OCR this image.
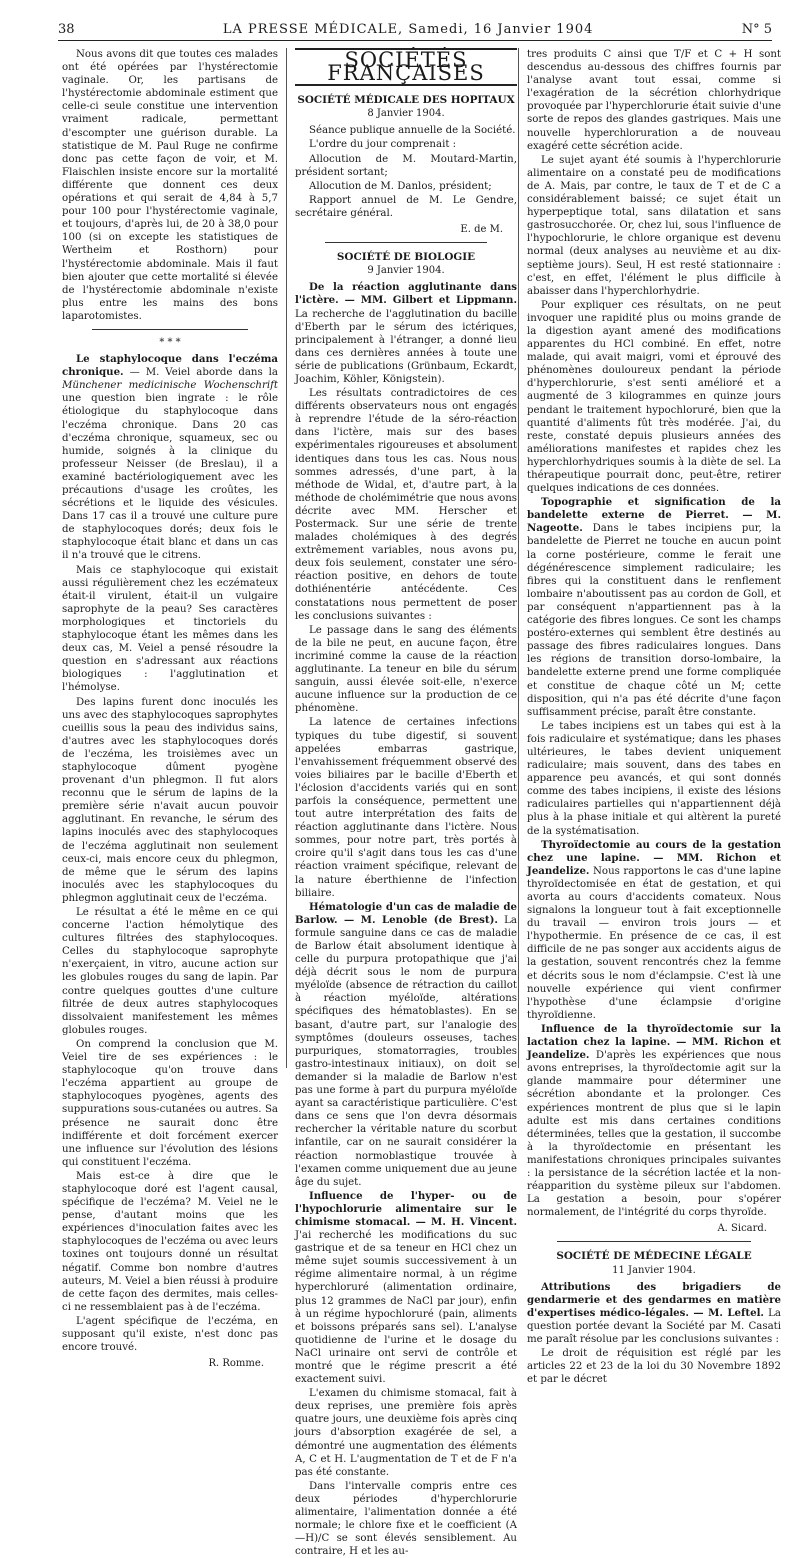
38	LA PRESSE MÉDICALE, Samedi, 16 Janvier 1904	N° 5

Nous avons dit que toutes ces malades ont été opérées par l'hystérectomie vaginale. Or, les partisans de l'hystérectomie abdominale estiment que celle-ci seule constitue une intervention vraiment radicale, permettant d'escompter une guérison durable. La statistique de M. Paul Ruge ne confirme donc pas cette façon de voir, et M. Flaischlen insiste encore sur la mortalité différente que donnent ces deux opérations et qui serait de 4,84 à 5,7 pour 100 pour l'hystérectomie vaginale, et toujours, d'après lui, de 20 à 38,0 pour 100 (si on excepte les statistiques de Wertheim et Rosthorn) pour l'hystérectomie abdominale. Mais il faut bien ajouter que cette mortalité si élevée de l'hystérectomie abdominale n'existe plus entre les mains des bons laparotomistes.

* * *

Le staphylocoque dans l'eczéma chronique. — M. Veiel aborde dans la Münchener medicinische Wochenschrift une question bien ingrate : le rôle étiologique du staphylocoque dans l'eczéma chronique. Dans 20 cas d'eczéma chronique, squameux, sec ou humide, soignés à la clinique du professeur Neisser (de Breslau), il a examiné bactériologiquement avec les précautions d'usage les croûtes, les sécrétions et le liquide des vésicules. Dans 17 cas il a trouvé une culture pure de staphylocoques dorés; deux fois le staphylocoque était blanc et dans un cas il n'a trouvé que le citrens.

Mais ce staphylocoque qui existait aussi régulièrement chez les eczémateux était-il virulent, était-il un vulgaire saprophyte de la peau? Ses caractères morphologiques et tinctoriels du staphylocoque étant les mêmes dans les deux cas, M. Veiel a pensé résoudre la question en s'adressant aux réactions biologiques : l'agglutination et l'hémolyse.

Des lapins furent donc inoculés les uns avec des staphylocoques saprophytes cueillis sous la peau des individus sains, d'autres avec les staphylocoques dorés de l'eczéma, les troisièmes avec un staphylocoque dûment pyogène provenant d'un phlegmon. Il fut alors reconnu que le sérum de lapins de la première série n'avait aucun pouvoir agglutinant. En revanche, le sérum des lapins inoculés avec des staphylocoques de l'eczéma agglutinait non seulement ceux-ci, mais encore ceux du phlegmon, de même que le sérum des lapins inoculés avec les staphylocoques du phlegmon agglutinait ceux de l'eczéma.

Le résultat a été le même en ce qui concerne l'action hémolytique des cultures filtrées des staphylocoques. Celles du staphylocoque saprophyte n'exerçaient, in vitro, aucune action sur les globules rouges du sang de lapin. Par contre quelques gouttes d'une culture filtrée de deux autres staphylocoques dissolvaient manifestement les mêmes globules rouges.

On comprend la conclusion que M. Veiel tire de ses expériences : le staphylocoque qu'on trouve dans l'eczéma appartient au groupe de staphylocoques pyogènes, agents des suppurations sous-cutanées ou autres. Sa présence ne saurait donc être indifférente et doit forcément exercer une influence sur l'évolution des lésions qui constituent l'eczéma.

Mais est-ce à dire que le staphylocoque doré est l'agent causal, spécifique de l'eczéma? M. Veiel ne le pense, d'autant moins que les expériences d'inoculation faites avec les staphylocoques de l'eczéma ou avec leurs toxines ont toujours donné un résultat négatif. Comme bon nombre d'autres auteurs, M. Veiel a bien réussi à produire de cette façon des dermites, mais celles-ci ne ressemblaient pas à de l'eczéma.

L'agent spécifique de l'eczéma, en supposant qu'il existe, n'est donc pas encore trouvé.

R. Romme.
SOCIÉTÉS FRANÇAISES
SOCIÉTÉ MÉDICALE DES HOPITAUX
8 Janvier 1904.

Séance publique annuelle de la Société.

L'ordre du jour comprenait :

Allocution de M. Moutard-Martin, président sortant;

Allocution de M. Danlos, président;

Rapport annuel de M. Le Gendre, secrétaire général.

E. de M.
SOCIÉTÉ DE BIOLOGIE
9 Janvier 1904.

De la réaction agglutinante dans l'ictère. — MM. Gilbert et Lippmann. La recherche de l'agglutination du bacille d'Eberth par le sérum des ictériques, principalement à l'étranger, a donné lieu dans ces dernières années à toute une série de publications (Grünbaum, Eckardt, Joachim, Köhler, Königstein).

Les résultats contradictoires de ces différents observateurs nous ont engagés à reprendre l'étude de la séro-réaction dans l'ictère, mais sur des bases expérimentales rigoureuses et absolument identiques dans tous les cas. Nous nous sommes adressés, d'une part, à la méthode de Widal, et, d'autre part, à la méthode de cholémimétrie que nous avons décrite avec MM. Herscher et Postermack. Sur une série de trente malades cholémiques à des degrés extrêmement variables, nous avons pu, deux fois seulement, constater une séro-réaction positive, en dehors de toute dothiénentérie antécédente. Ces constatations nous permettent de poser les conclusions suivantes :

Le passage dans le sang des éléments de la bile ne peut, en aucune façon, être incriminé comme la cause de la réaction agglutinante. La teneur en bile du sérum sanguin, aussi élevée soit-elle, n'exerce aucune influence sur la production de ce phénomène.

La latence de certaines infections typiques du tube digestif, si souvent appelées embarras gastrique, l'envahissement fréquemment observé des voies biliaires par le bacille d'Eberth et l'éclosion d'accidents variés qui en sont parfois la conséquence, permettent une tout autre interprétation des faits de réaction agglutinante dans l'ictère. Nous sommes, pour notre part, très portés à croire qu'il s'agit dans tous les cas d'une réaction vraiment spécifique, relevant de la nature éberthienne de l'infection biliaire.

Hématologie d'un cas de maladie de Barlow. — M. Lenoble (de Brest). La formule sanguine dans ce cas de maladie de Barlow était absolument identique à celle du purpura protopathique que j'ai déjà décrit sous le nom de purpura myéloïde (absence de rétraction du caillot à réaction myéloïde, altérations spécifiques des hématoblastes). En se basant, d'autre part, sur l'analogie des symptômes (douleurs osseuses, taches purpuriques, stomatorragies, troubles gastro-intestinaux initiaux), on doit se demander si la maladie de Barlow n'est pas une forme à part du purpura myéloïde ayant sa caractéristique particulière. C'est dans ce sens que l'on devra désormais rechercher la véritable nature du scorbut infantile, car on ne saurait considérer la réaction normoblastique trouvée à l'examen comme uniquement due au jeune âge du sujet.

Influence de l'hyper- ou de l'hypochlorurie alimentaire sur le chimisme stomacal. — M. H. Vincent. J'ai recherché les modifications du suc gastrique et de sa teneur en HCl chez un même sujet soumis successivement à un régime alimentaire normal, à un régime hyperchloruré (alimentation ordinaire, plus 12 grammes de NaCl par jour), enfin à un régime hypochloruré (pain, aliments et boissons préparés sans sel). L'analyse quotidienne de l'urine et le dosage du NaCl urinaire ont servi de contrôle et montré que le régime prescrit a été exactement suivi.

L'examen du chimisme stomacal, fait à deux reprises, une première fois après quatre jours, une deuxième fois après cinq jours d'absorption exagérée de sel, a démontré une augmentation des éléments A, C et H. L'augmentation de T et de F n'a pas été constante.

Dans l'intervalle compris entre ces deux périodes d'hyperchlorurie alimentaire, l'alimentation donnée a été normale; le chlore fixe et le coefficient (A—H)/C se sont élevés sensiblement. Au contraire, H et les au-

tres produits C ainsi que T/F et C + H sont descendus au-dessous des chiffres fournis par l'analyse avant tout essai, comme si l'exagération de la sécrétion chlorhydrique provoquée par l'hyperchlorurie était suivie d'une sorte de repos des glandes gastriques. Mais une nouvelle hyperchloruration a de nouveau exagéré cette sécrétion acide.

Le sujet ayant été soumis à l'hyperchlorurie alimentaire on a constaté peu de modifications de A. Mais, par contre, le taux de T et de C a considérablement baissé; ce sujet était un hyperpeptique total, sans dilatation et sans gastrosucchorée. Or, chez lui, sous l'influence de l'hypochlorurie, le chlore organique est devenu normal (deux analyses au neuvième et au dix-septième jours). Seul, H est resté stationnaire : c'est, en effet, l'élément le plus difficile à abaisser dans l'hyperchlorhydrie.

Pour expliquer ces résultats, on ne peut invoquer une rapidité plus ou moins grande de la digestion ayant amené des modifications apparentes du HCl combiné. En effet, notre malade, qui avait maigri, vomi et éprouvé des phénomènes douloureux pendant la période d'hyperchlorurie, s'est senti amélioré et a augmenté de 3 kilogrammes en quinze jours pendant le traitement hypochloruré, bien que la quantité d'aliments fût très modérée. J'ai, du reste, constaté depuis plusieurs années des améliorations manifestes et rapides chez les hyperchlorhydriques soumis à la diète de sel. La thérapeutique pourrait donc, peut-être, retirer quelques indications de ces données.

Topographie et signification de la bandelette externe de Pierret. — M. Nageotte. Dans le tabes incipiens pur, la bandelette de Pierret ne touche en aucun point la corne postérieure, comme le ferait une dégénérescence simplement radiculaire; les fibres qui la constituent dans le renflement lombaire n'aboutissent pas au cordon de Goll, et par conséquent n'appartiennent pas à la catégorie des fibres longues. Ce sont les champs postéro-externes qui semblent être destinés au passage des fibres radiculaires longues. Dans les régions de transition dorso-lombaire, la bandelette externe prend une forme compliquée et constitue de chaque côté un M; cette disposition, qui n'a pas été décrite d'une façon suffisamment précise, paraît être constante.

Le tabes incipiens est un tabes qui est à la fois radiculaire et systématique; dans les phases ultérieures, le tabes devient uniquement radiculaire; mais souvent, dans des tabes en apparence peu avancés, et qui sont donnés comme des tabes incipiens, il existe des lésions radiculaires partielles qui n'appartiennent déjà plus à la phase initiale et qui altèrent la pureté de la systématisation.

Thyroïdectomie au cours de la gestation chez une lapine. — MM. Richon et Jeandelize. Nous rapportons le cas d'une lapine thyroïdectomisée en état de gestation, et qui avorta au cours d'accidents comateux. Nous signalons la longueur tout à fait exceptionnelle du travail — environ trois jours — et l'hypothermie. En présence de ce cas, il est difficile de ne pas songer aux accidents aigus de la gestation, souvent rencontrés chez la femme et décrits sous le nom d'éclampsie. C'est là une nouvelle expérience qui vient confirmer l'hypothèse d'une éclampsie d'origine thyroïdienne.

Influence de la thyroïdectomie sur la lactation chez la lapine. — MM. Richon et Jeandelize. D'après les expériences que nous avons entreprises, la thyroïdectomie agit sur la glande mammaire pour déterminer une sécrétion abondante et la prolonger. Ces expériences montrent de plus que si le lapin adulte est mis dans certaines conditions déterminées, telles que la gestation, il succombe à la thyroïdectomie en présentant les manifestations chroniques principales suivantes : la persistance de la sécrétion lactée et la non-réapparition du système pileux sur l'abdomen. La gestation a besoin, pour s'opérer normalement, de l'intégrité du corps thyroïde.

A. Sicard.
SOCIÉTÉ DE MÉDECINE LÉGALE
11 Janvier 1904.

Attributions des brigadiers de gendarmerie et des gendarmes en matière d'expertises médico-légales. — M. Leftel. La question portée devant la Société par M. Casati me paraît résolue par les conclusions suivantes :

Le droit de réquisition est réglé par les articles 22 et 23 de la loi du 30 Novembre 1892 et par le décret
